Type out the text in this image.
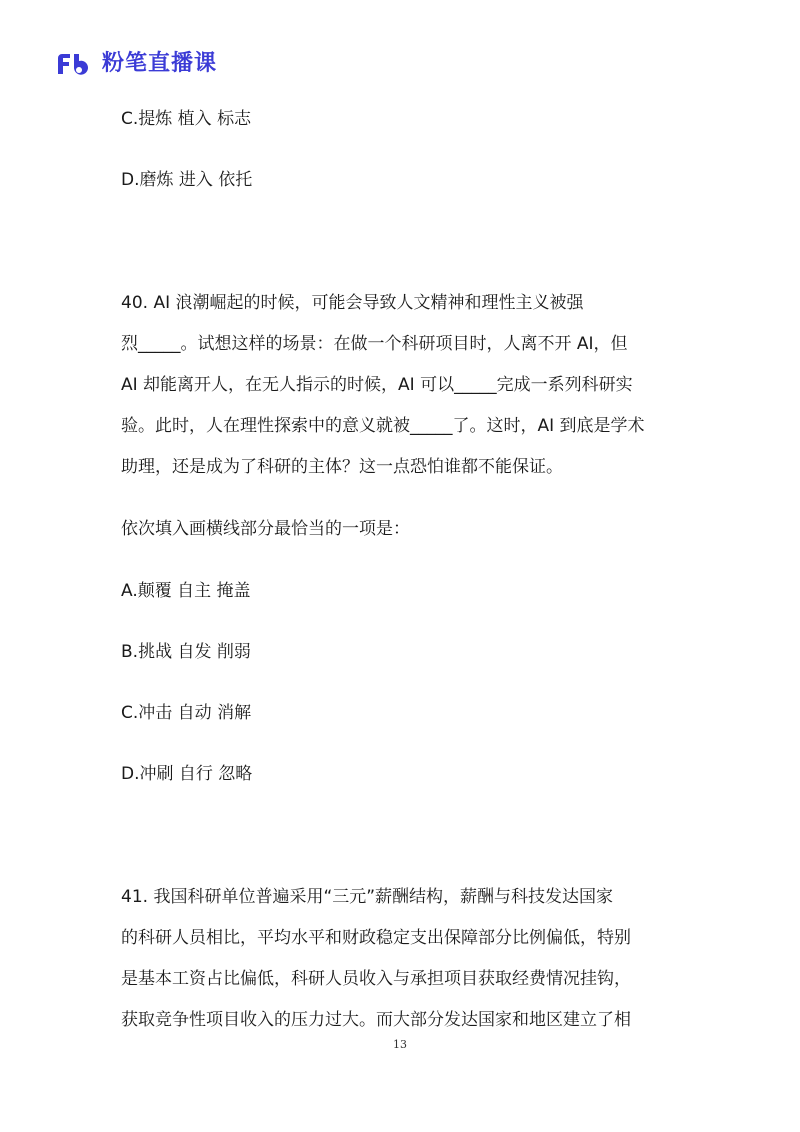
粉笔直播课
C.提炼 植入 标志
D.磨炼 进入 依托
40. AI 浪潮崛起的时候，可能会导致人文精神和理性主义被强
烈_____。试想这样的场景：在做一个科研项目时，人离不开 AI，但
AI 却能离开人，在无人指示的时候，AI 可以_____完成一系列科研实
验。此时，人在理性探索中的意义就被_____了。这时，AI 到底是学术
助理，还是成为了科研的主体？这一点恐怕谁都不能保证。
依次填入画横线部分最恰当的一项是：
A.颠覆 自主 掩盖
B.挑战 自发 削弱
C.冲击 自动 消解
D.冲刷 自行 忽略
41. 我国科研单位普遍采用“三元”薪酬结构，薪酬与科技发达国家
的科研人员相比，平均水平和财政稳定支出保障部分比例偏低，特别
是基本工资占比偏低，科研人员收入与承担项目获取经费情况挂钩，
获取竞争性项目收入的压力过大。而大部分发达国家和地区建立了相
13
